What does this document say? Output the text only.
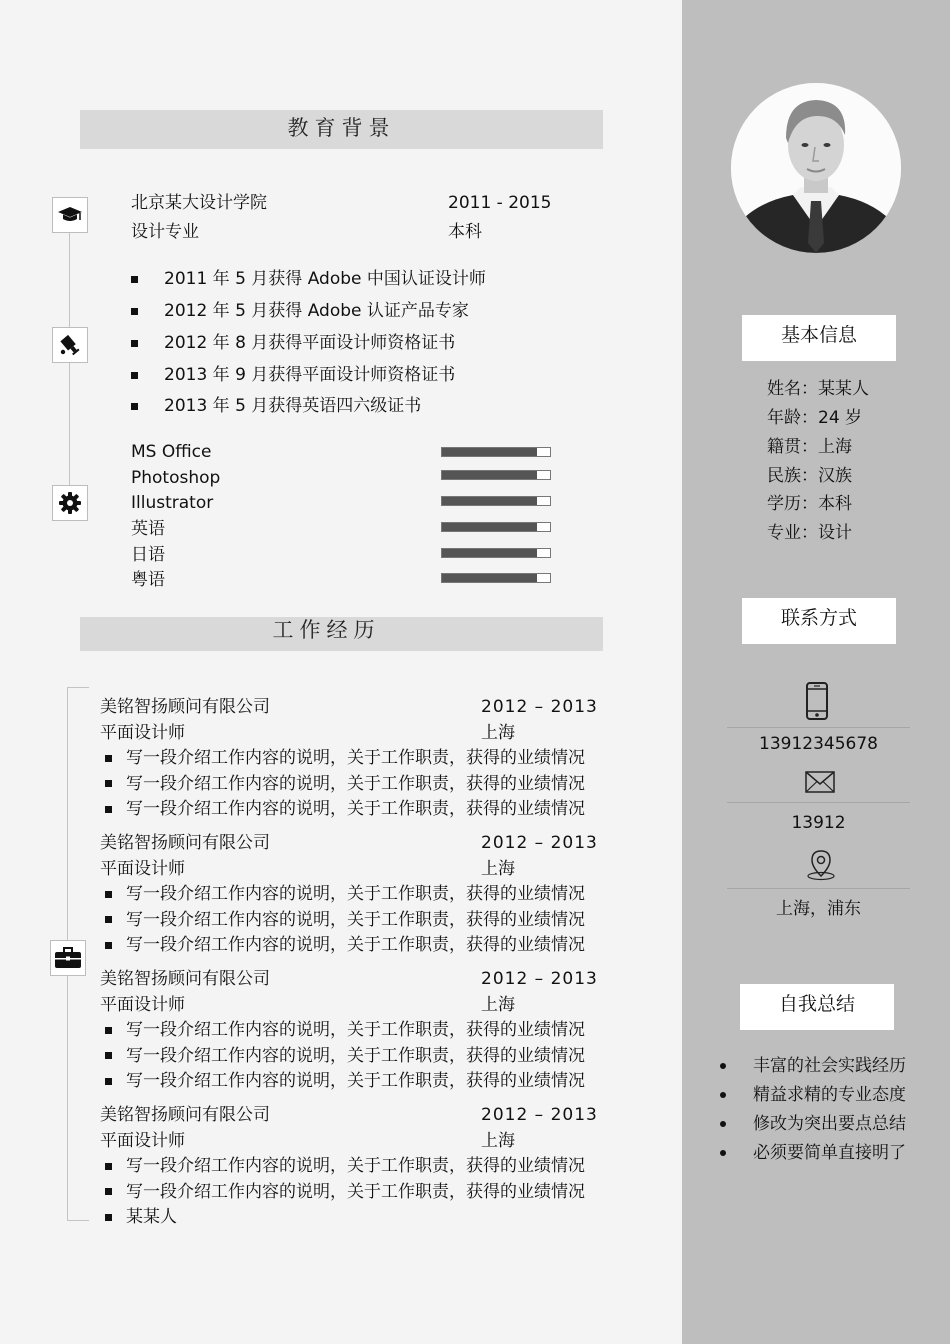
教育背景
北京某大设计学院	2011 - 2015
设计专业	本科
2011 年 5 月获得 Adobe 中国认证设计师
2012 年 5 月获得 Adobe 认证产品专家
2012 年 8 月获得平面设计师资格证书
2013 年 9 月获得平面设计师资格证书
2013 年 5 月获得英语四六级证书
MS Office
Photoshop
Illustrator
英语
日语
粤语
工作经历
美铭智扬顾问有限公司	2012 – 2013
平面设计师	上海
写一段介绍工作内容的说明，关于工作职责，获得的业绩情况
写一段介绍工作内容的说明，关于工作职责，获得的业绩情况
写一段介绍工作内容的说明，关于工作职责，获得的业绩情况
美铭智扬顾问有限公司	2012 – 2013
平面设计师	上海
写一段介绍工作内容的说明，关于工作职责，获得的业绩情况
写一段介绍工作内容的说明，关于工作职责，获得的业绩情况
写一段介绍工作内容的说明，关于工作职责，获得的业绩情况
美铭智扬顾问有限公司	2012 – 2013
平面设计师	上海
写一段介绍工作内容的说明，关于工作职责，获得的业绩情况
写一段介绍工作内容的说明，关于工作职责，获得的业绩情况
写一段介绍工作内容的说明，关于工作职责，获得的业绩情况
美铭智扬顾问有限公司	2012 – 2013
平面设计师	上海
写一段介绍工作内容的说明，关于工作职责，获得的业绩情况
写一段介绍工作内容的说明，关于工作职责，获得的业绩情况
某某人
基本信息
姓名：某某人
年龄：24 岁
籍贯：上海
民族：汉族
学历：本科
专业：设计
联系方式
13912345678
13912
上海，浦东
自我总结
丰富的社会实践经历
精益求精的专业态度
修改为突出要点总结
必须要简单直接明了
